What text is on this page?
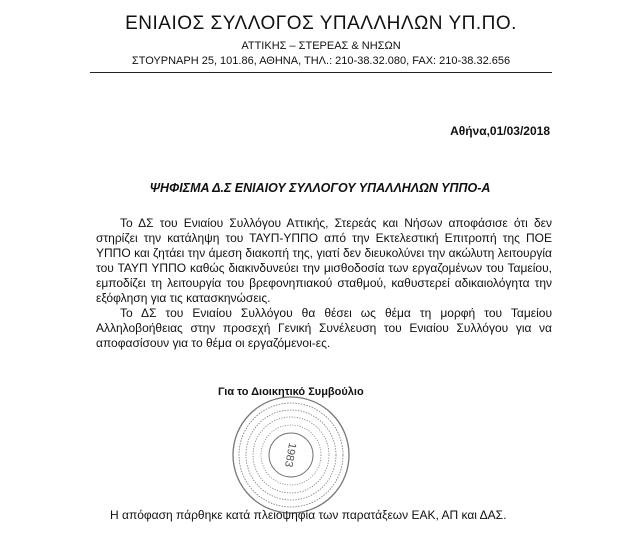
ΕΝΙΑΙΟΣ ΣΥΛΛΟΓΟΣ ΥΠΑΛΛΗΛΩΝ ΥΠ.ΠΟ.
ΑΤΤΙΚΗΣ – ΣΤΕΡΕΑΣ & ΝΗΣΩΝ
ΣΤΟΥΡΝΑΡΗ 25, 101.86, ΑΘΗΝΑ, ΤΗΛ.: 210-38.32.080, FAX: 210-38.32.656
Αθήνα,01/03/2018
ΨΗΦΙΣΜΑ Δ.Σ ΕΝΙΑΙΟΥ ΣΥΛΛΟΓΟΥ ΥΠΑΛΛΗΛΩΝ ΥΠΠΟ-Α

Το ΔΣ του Ενιαίου Συλλόγου Αττικής, Στερεάς και Νήσων αποφάσισε ότι δεν στηρίζει την κατάληψη του ΤΑΥΠ-ΥΠΠΟ από την Εκτελεστική Επιτροπή της ΠΟΕ ΥΠΠΟ και ζητάει την άμεση διακοπή της, γιατί δεν διευκολύνει την ακώλυτη λειτουργία του ΤΑΥΠ ΥΠΠΟ καθώς διακινδυνεύει την μισθοδοσία των εργαζομένων του Ταμείου, εμποδίζει τη λειτουργία του βρεφονηπιακού σταθμού, καθυστερεί αδικαιολόγητα την εξόφληση για τις κατασκηνώσεις.

Το ΔΣ του Ενιαίου Συλλόγου θα θέσει ως θέμα τη μορφή του Ταμείου Αλληλοβοήθειας στην προσεχή Γενική Συνέλευση του Ενιαίου Συλλόγου για να αποφασίσουν για το θέμα οι εργαζόμενοι-ες.

Για το Διοικητικό Συμβούλιο
1983
Η απόφαση πάρθηκε κατά πλειοψηφία των παρατάξεων ΕΑΚ, ΑΠ και ΔΑΣ.
